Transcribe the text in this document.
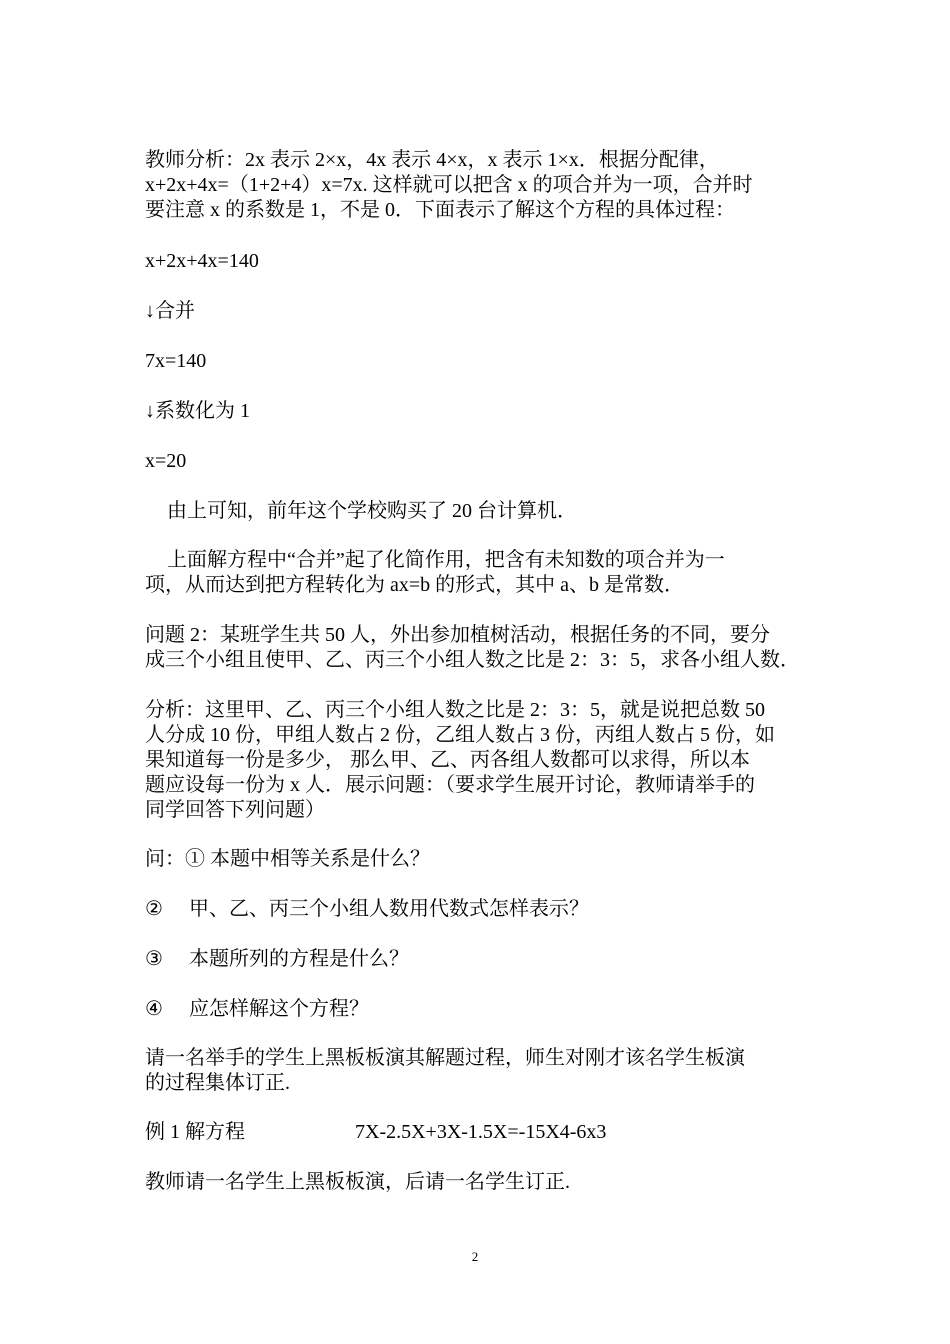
教师分析：2x 表示 2×x，4x 表示 4×x，x 表示 1×x．根据分配律，
x+2x+4x=（1+2+4）x=7x. 这样就可以把含 x 的项合并为一项，合并时
要注意 x 的系数是 1，不是 0．下面表示了解这个方程的具体过程：
x+2x+4x=140
↓合并
7x=140
↓系数化为 1
x=20
由上可知，前年这个学校购买了 20 台计算机．
上面解方程中“合并”起了化简作用，把含有未知数的项合并为一
项，从而达到把方程转化为 ax=b 的形式，其中 a、b 是常数．
问题 2：某班学生共 50 人，外出参加植树活动，根据任务的不同，要分
成三个小组且使甲、乙、丙三个小组人数之比是 2：3：5，求各小组人数．
分析：这里甲、乙、丙三个小组人数之比是 2：3：5，就是说把总数 50
人分成 10 份，甲组人数占 2 份，乙组人数占 3 份，丙组人数占 5 份，如
果知道每一份是多少， 那么甲、乙、丙各组人数都可以求得，所以本
题应设每一份为 x 人．展示问题：（要求学生展开讨论，教师请举手的
同学回答下列问题）
问：① 本题中相等关系是什么？
② 甲、乙、丙三个小组人数用代数式怎样表示？
③ 本题所列的方程是什么？
④ 应怎样解这个方程？
请一名举手的学生上黑板板演其解题过程，师生对刚才该名学生板演
的过程集体订正.
例 1 解方程	7X-2.5X+3X-1.5X=-15X4-6x3
教师请一名学生上黑板板演，后请一名学生订正.
2
